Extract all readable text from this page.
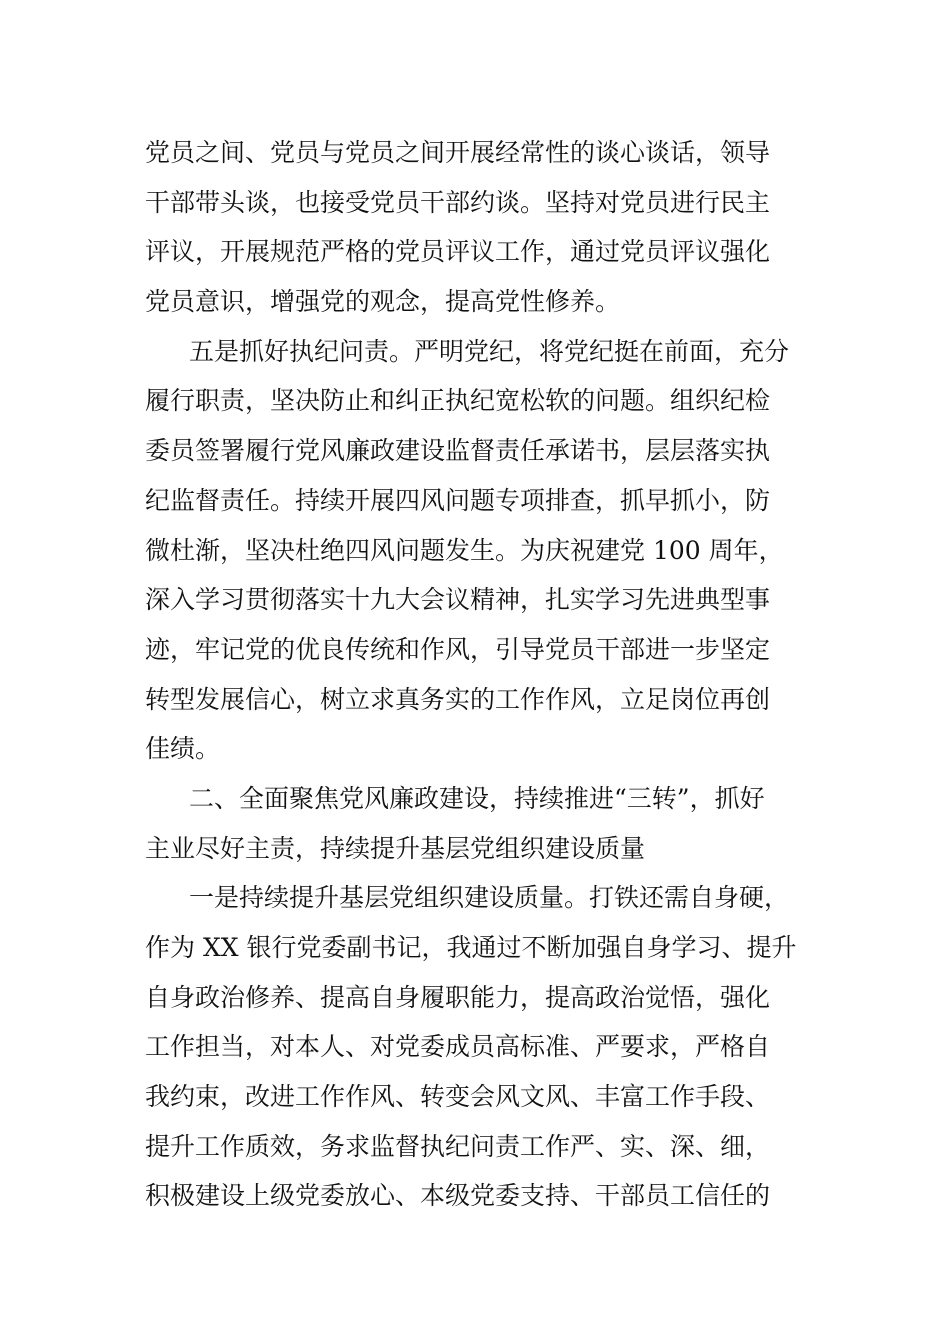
党员之间、党员与党员之间开展经常性的谈心谈话，领导
干部带头谈，也接受党员干部约谈。坚持对党员进行民主
评议，开展规范严格的党员评议工作，通过党员评议强化
党员意识，增强党的观念，提高党性修养。
五是抓好执纪问责。严明党纪，将党纪挺在前面，充分
履行职责，坚决防止和纠正执纪宽松软的问题。组织纪检
委员签署履行党风廉政建设监督责任承诺书，层层落实执
纪监督责任。持续开展四风问题专项排查，抓早抓小，防
微杜渐，坚决杜绝四风问题发生。为庆祝建党 100 周年，
深入学习贯彻落实十九大会议精神，扎实学习先进典型事
迹，牢记党的优良传统和作风，引导党员干部进一步坚定
转型发展信心，树立求真务实的工作作风，立足岗位再创
佳绩。
二、全面聚焦党风廉政建设，持续推进“三转”，抓好
主业尽好主责，持续提升基层党组织建设质量
一是持续提升基层党组织建设质量。打铁还需自身硬，
作为 XX 银行党委副书记，我通过不断加强自身学习、提升
自身政治修养、提高自身履职能力，提高政治觉悟，强化
工作担当，对本人、对党委成员高标准、严要求，严格自
我约束，改进工作作风、转变会风文风、丰富工作手段、
提升工作质效，务求监督执纪问责工作严、实、深、细，
积极建设上级党委放心、本级党委支持、干部员工信任的
